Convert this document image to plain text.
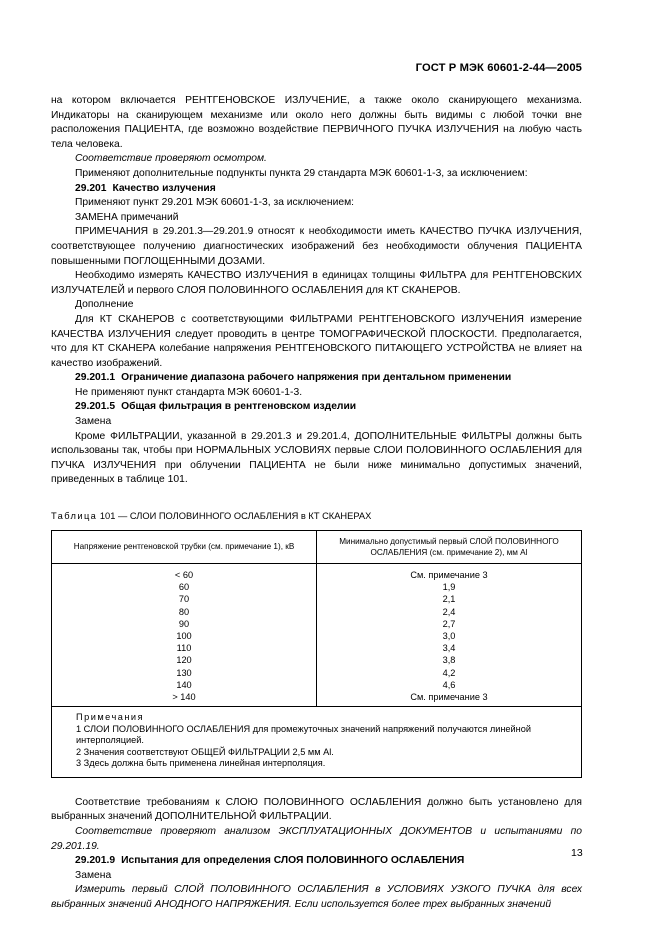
ГОСТ Р МЭК 60601-2-44—2005

на котором включается РЕНТГЕНОВСКОЕ ИЗЛУЧЕНИЕ, а также около сканирующего механизма. Индикаторы на сканирующем механизме или около него должны быть видимы с любой точки вне расположения ПАЦИЕНТА, где возможно воздействие ПЕРВИЧНОГО ПУЧКА ИЗЛУЧЕНИЯ на любую часть тела человека.

Соответствие проверяют осмотром.

Применяют дополнительные подпункты пункта 29 стандарта МЭК 60601-1-3, за исключением:

29.201 Качество излучения

Применяют пункт 29.201 МЭК 60601-1-3, за исключением:

ЗАМЕНА примечаний

ПРИМЕЧАНИЯ в 29.201.3—29.201.9 относят к необходимости иметь КАЧЕСТВО ПУЧКА ИЗЛУЧЕНИЯ, соответствующее получению диагностических изображений без необходимости облучения ПАЦИЕНТА повышенными ПОГЛОЩЕННЫМИ ДОЗАМИ.

Необходимо измерять КАЧЕСТВО ИЗЛУЧЕНИЯ в единицах толщины ФИЛЬТРА для РЕНТГЕНОВСКИХ ИЗЛУЧАТЕЛЕЙ и первого СЛОЯ ПОЛОВИННОГО ОСЛАБЛЕНИЯ для КТ СКАНЕРОВ.

Дополнение

Для КТ СКАНЕРОВ с соответствующими ФИЛЬТРАМИ РЕНТГЕНОВСКОГО ИЗЛУЧЕНИЯ измерение КАЧЕСТВА ИЗЛУЧЕНИЯ следует проводить в центре ТОМОГРАФИЧЕСКОЙ ПЛОСКОСТИ. Предполагается, что для КТ СКАНЕРА колебание напряжения РЕНТГЕНОВСКОГО ПИТАЮЩЕГО УСТРОЙСТВА не влияет на качество изображений.

29.201.1 Ограничение диапазона рабочего напряжения при дентальном применении

Не применяют пункт стандарта МЭК 60601-1-3.

29.201.5 Общая фильтрация в рентгеновском изделии

Замена

Кроме ФИЛЬТРАЦИИ, указанной в 29.201.3 и 29.201.4, ДОПОЛНИТЕЛЬНЫЕ ФИЛЬТРЫ должны быть использованы так, чтобы при НОРМАЛЬНЫХ УСЛОВИЯХ первые СЛОИ ПОЛОВИННОГО ОСЛАБЛЕНИЯ для ПУЧКА ИЗЛУЧЕНИЯ при облучении ПАЦИЕНТА не были ниже минимально допустимых значений, приведенных в таблице 101.

Таблица 101 — СЛОИ ПОЛОВИННОГО ОСЛАБЛЕНИЯ в КТ СКАНЕРАХ

Напряжение рентгеновской трубки (см. примечание 1), кВ	Минимально допустимый первый СЛОЙ ПОЛОВИННОГО ОСЛАБЛЕНИЯ (см. примечание 2), мм Al
< 60	См. примечание 3
60	1,9
70	2,1
80	2,4
90	2,7
100	3,0
110	3,4
120	3,8
130	4,2
140	4,6
> 140	См. примечание 3

Примечания
1 СЛОИ ПОЛОВИННОГО ОСЛАБЛЕНИЯ для промежуточных значений напряжений получаются линейной интерполяцией.
2 Значения соответствуют ОБЩЕЙ ФИЛЬТРАЦИИ 2,5 мм Al.
3 Здесь должна быть применена линейная интерполяция.	

Соответствие требованиям к СЛОЮ ПОЛОВИННОГО ОСЛАБЛЕНИЯ должно быть установлено для выбранных значений ДОПОЛНИТЕЛЬНОЙ ФИЛЬТРАЦИИ.

Соответствие проверяют анализом ЭКСПЛУАТАЦИОННЫХ ДОКУМЕНТОВ и испытаниями по 29.201.19.

29.201.9 Испытания для определения СЛОЯ ПОЛОВИННОГО ОСЛАБЛЕНИЯ

Замена

Измерить первый СЛОЙ ПОЛОВИННОГО ОСЛАБЛЕНИЯ в УСЛОВИЯХ УЗКОГО ПУЧКА для всех выбранных значений АНОДНОГО НАПРЯЖЕНИЯ. Если используется более трех выбранных значений

13
